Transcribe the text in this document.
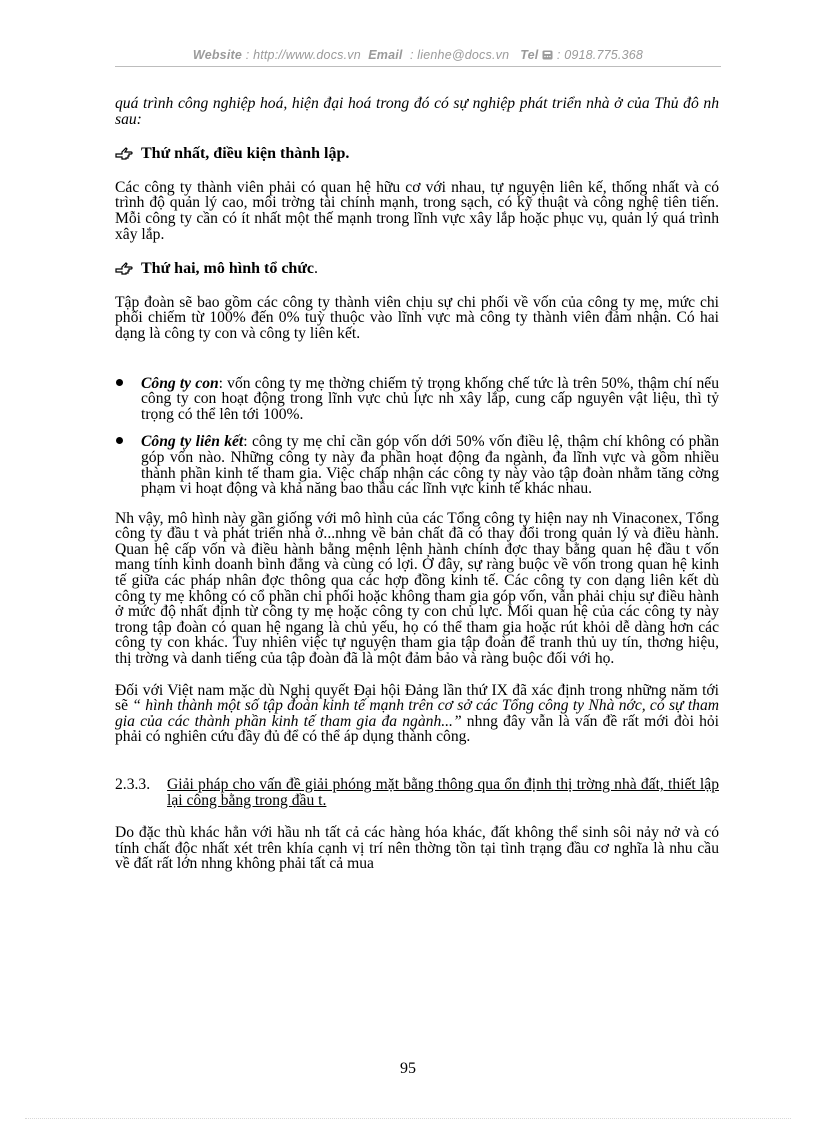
Website : http://www.docs.vn Email  : lienhe@docs.vn Tel  : 0918.775.368

quá trình công nghiệp hoá, hiện đại hoá trong đó có sự nghiệp phát triển nhà ở của Thủ đô nh sau:

Thứ nhất, điều kiện thành lập.

Các công ty thành viên phải có quan hệ hữu cơ với nhau, tự nguyện liên kế, thống nhất và có trình độ quản lý cao, môi trờng tài chính mạnh, trong sạch, có kỹ thuật và công nghệ tiên tiến. Mỗi công ty cần có ít nhất một thế mạnh trong lĩnh vực xây lắp hoặc phục vụ, quản lý quá trình xây lắp.

Thứ hai, mô hình tổ chức .

Tập đoàn sẽ bao gồm các công ty thành viên chịu sự chi phối về vốn của công ty mẹ, mức chi phối chiếm từ 100% đến 0% tuỳ thuộc vào lĩnh vực mà công ty thành viên đảm nhận. Có hai dạng là công ty con và công ty liên kết.

Công ty con: vốn công ty mẹ thờng chiếm tỷ trọng khống chế tức là trên 50%, thậm chí nếu công ty con hoạt động trong lĩnh vực chủ lực nh xây lắp, cung cấp nguyên vật liệu, thì tỷ trọng có thể lên tới 100%.
Công ty liên kết: công ty mẹ chỉ cần góp vốn dới 50% vốn điều lệ, thậm chí không có phần góp vốn nào. Những công ty này đa phần hoạt động đa ngành, đa lĩnh vực và gồm nhiều thành phần kinh tế tham gia. Việc chấp nhận các công ty này vào tập đoàn nhằm tăng cờng phạm vi hoạt động và khả năng bao thầu các lĩnh vực kinh tế khác nhau.

Nh vậy, mô hình này gần giống với mô hình của các Tổng công ty hiện nay nh Vinaconex, Tổng công ty đầu t và phát triển nhà ở...nhng về bản chất đã có thay đổi trong quản lý và điều hành. Quan hệ cấp vốn và điều hành bằng mệnh lệnh hành chính đợc thay bằng quan hệ đầu t vốn mang tính kinh doanh bình đẳng và cùng có lợi. Ở đây, sự ràng buộc về vốn trong quan hệ kinh tế giữa các pháp nhân đợc thông qua các hợp đồng kinh tế. Các công ty con dạng liên kết dù công ty mẹ không có cổ phần chi phối hoặc không tham gia góp vốn, vẫn phải chịu sự điều hành ở mức độ nhất định từ công ty mẹ hoặc công ty con chủ lực. Mối quan hệ của các công ty này trong tập đoàn có quan hệ ngang là chủ yếu, họ có thể tham gia hoặc rút khỏi dễ dàng hơn các công ty con khác. Tuy nhiên việc tự nguyện tham gia tập đoàn để tranh thủ uy tín, thơng hiệu, thị trờng và danh tiếng của tập đoàn đã là một đảm bảo và ràng buộc đối với họ.

Đối với Việt nam mặc dù Nghị quyết Đại hội Đảng lần thứ IX đã xác định trong những năm tới sẽ “ hình thành một số tập đoàn kinh tế mạnh trên cơ sở các Tổng công ty Nhà nớc, có sự tham gia của các thành phần kinh tế tham gia đa ngành...” nhng đây vẫn là vấn đề rất mới đòi hỏi phải có nghiên cứu đầy đủ để có thể áp dụng thành công.

2.3.3.	Giải pháp cho vấn đề giải phóng mặt bằng thông qua ổn định thị trờng nhà đất, thiết lập lại công bằng trong đầu t.

Do đặc thù khác hẳn với hầu nh tất cả các hàng hóa khác, đất không thể sinh sôi nảy nở và có tính chất độc nhất xét trên khía cạnh vị trí nên thờng tồn tại tình trạng đầu cơ nghĩa là nhu cầu về đất rất lớn nhng không phải tất cả mua

95
